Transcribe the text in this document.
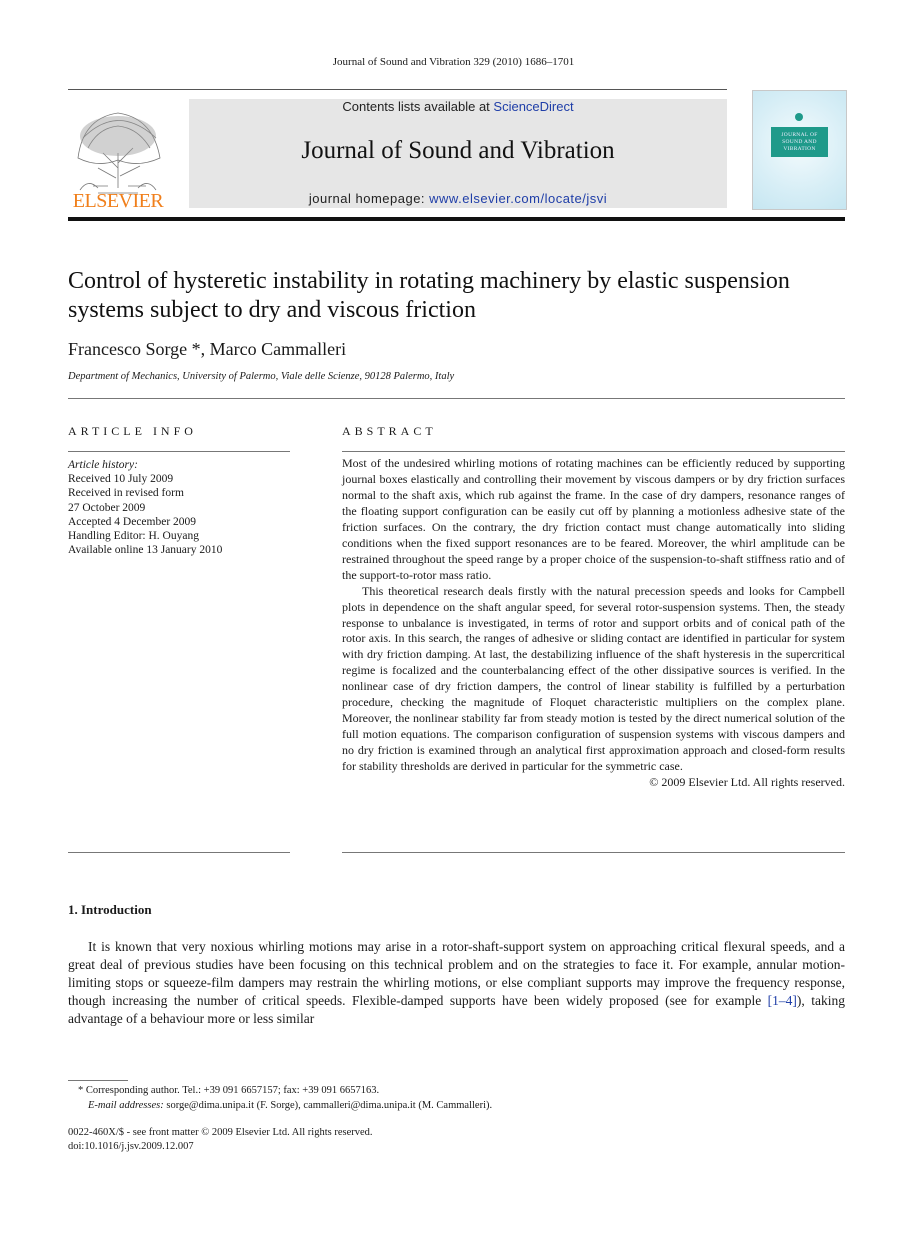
Journal of Sound and Vibration 329 (2010) 1686–1701
ELSEVIER
Contents lists available at ScienceDirect
Journal of Sound and Vibration
journal homepage: www.elsevier.com/locate/jsvi
JOURNAL OF SOUND AND VIBRATION
Control of hysteretic instability in rotating machinery by elastic suspension systems subject to dry and viscous friction
Francesco Sorge *, Marco Cammalleri
Department of Mechanics, University of Palermo, Viale delle Scienze, 90128 Palermo, Italy
ARTICLE INFO
Article history:
Received 10 July 2009
Received in revised form
27 October 2009
Accepted 4 December 2009
Handling Editor: H. Ouyang
Available online 13 January 2010
ABSTRACT

Most of the undesired whirling motions of rotating machines can be efficiently reduced by supporting journal boxes elastically and controlling their movement by viscous dampers or by dry friction surfaces normal to the shaft axis, which rub against the frame. In the case of dry dampers, resonance ranges of the floating support configuration can be easily cut off by planning a motionless adhesive state of the friction surfaces. On the contrary, the dry friction contact must change automatically into sliding conditions when the fixed support resonances are to be feared. Moreover, the whirl amplitude can be restrained throughout the speed range by a proper choice of the suspension-to-shaft stiffness ratio and of the support-to-rotor mass ratio.

This theoretical research deals firstly with the natural precession speeds and looks for Campbell plots in dependence on the shaft angular speed, for several rotor-suspension systems. Then, the steady response to unbalance is investigated, in terms of rotor and support orbits and of conical path of the rotor axis. In this search, the ranges of adhesive or sliding contact are identified in particular for system with dry friction damping. At last, the destabilizing influence of the shaft hysteresis in the supercritical regime is focalized and the counterbalancing effect of the other dissipative sources is verified. In the nonlinear case of dry friction dampers, the control of linear stability is fulfilled by a perturbation procedure, checking the magnitude of Floquet characteristic multipliers on the complex plane. Moreover, the nonlinear stability far from steady motion is tested by the direct numerical solution of the full motion equations. The comparison configuration of suspension systems with viscous dampers and no dry friction is examined through an analytical first approximation approach and closed-form results for stability thresholds are derived in particular for the symmetric case.

© 2009 Elsevier Ltd. All rights reserved.

1. Introduction

It is known that very noxious whirling motions may arise in a rotor-shaft-support system on approaching critical flexural speeds, and a great deal of previous studies have been focusing on this technical problem and on the strategies to face it. For example, annular motion-limiting stops or squeeze-film dampers may restrain the whirling motions, or else compliant supports may improve the frequency response, though increasing the number of critical speeds. Flexible-damped supports have been widely proposed (see for example [1–4]), taking advantage of a behaviour more or less similar

* Corresponding author. Tel.: +39 091 6657157; fax: +39 091 6657163.
E-mail addresses: sorge@dima.unipa.it (F. Sorge), cammalleri@dima.unipa.it (M. Cammalleri).
0022-460X/$ - see front matter © 2009 Elsevier Ltd. All rights reserved.
doi:10.1016/j.jsv.2009.12.007
